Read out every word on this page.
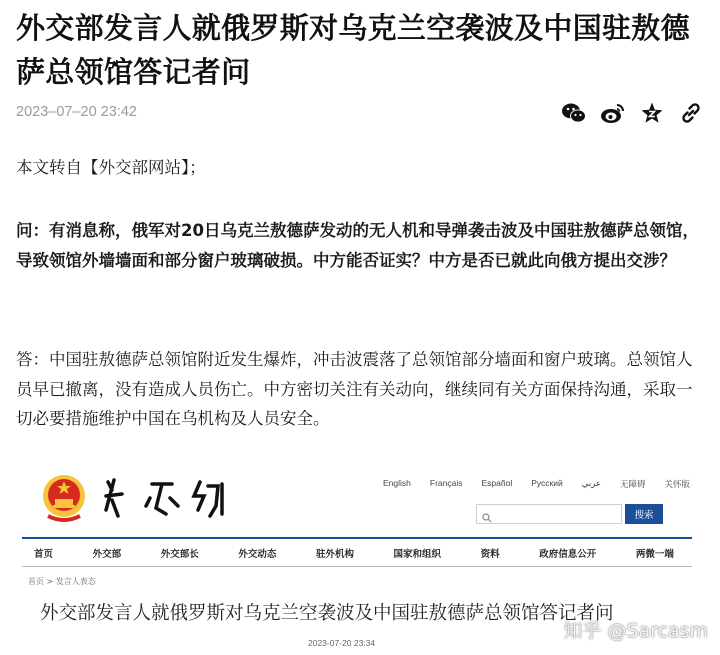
外交部发言人就俄罗斯对乌克兰空袭波及中国驻敖德萨总领馆答记者问
2023–07–20 23:42
本文转自【外交部网站】；
问：有消息称，俄军对20日乌克兰敖德萨发动的无人机和导弹袭击波及中国驻敖德萨总领馆，导致领馆外墙墙面和部分窗户玻璃破损。中方能否证实？中方是否已就此向俄方提出交涉？
答：中国驻敖德萨总领馆附近发生爆炸，冲击波震落了总领馆部分墙面和窗户玻璃。总领馆人员早已撤离，没有造成人员伤亡。中方密切关注有关动向，继续同有关方面保持沟通，采取一切必要措施维护中国在乌机构及人员安全。
English Français Español Русский عربي 无障碍 关怀版
搜索
首页	外交部	外交部长	外交动态	驻外机构	国家和组织	资料	政府信息公开	两微一端
首页 > 发言人表态
外交部发言人就俄罗斯对乌克兰空袭波及中国驻敖德萨总领馆答记者问
2023-07-20 23:34
知乎 @Sarcasm
